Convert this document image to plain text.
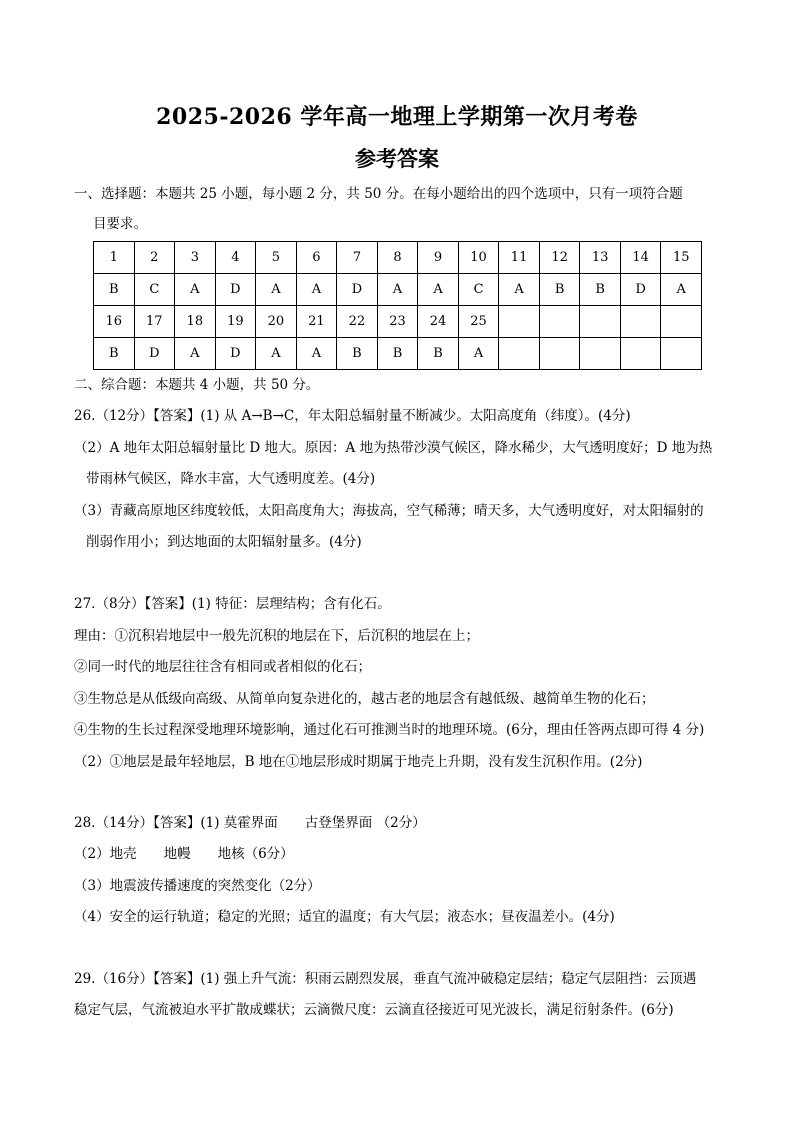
2025-2026 学年高一地理上学期第一次月考卷
参考答案
一、选择题：本题共 25 小题，每小题 2 分，共 50 分。在每小题给出的四个选项中，只有一项符合题
目要求。
1	2	3	4	5	6	7	8	9	10	11	12	13	14	15
B	C	A	D	A	A	D	A	A	C	A	B	B	D	A
16	17	18	19	20	21	22	23	24	25					
B	D	A	D	A	A	B	B	B	A					
二、综合题：本题共 4 小题，共 50 分。
26.（12分）【答案】(1) 从 A→B→C，年太阳总辐射量不断减少。太阳高度角（纬度）。(4分)
（2）A 地年太阳总辐射量比 D 地大。原因：A 地为热带沙漠气候区，降水稀少，大气透明度好；D 地为热
带雨林气候区，降水丰富，大气透明度差。(4分)
（3）青藏高原地区纬度较低，太阳高度角大；海拔高，空气稀薄；晴天多，大气透明度好，对太阳辐射的
削弱作用小；到达地面的太阳辐射量多。(4分)
27.（8分）【答案】(1) 特征：层理结构；含有化石。
理由：①沉积岩地层中一般先沉积的地层在下，后沉积的地层在上；
②同一时代的地层往往含有相同或者相似的化石；
③生物总是从低级向高级、从简单向复杂进化的，越古老的地层含有越低级、越简单生物的化石；
④生物的生长过程深受地理环境影响，通过化石可推测当时的地理环境。(6分，理由任答两点即可得 4 分)
（2）①地层是最年轻地层，B 地在①地层形成时期属于地壳上升期，没有发生沉积作用。(2分)
28.（14分）【答案】(1) 莫霍界面　　古登堡界面 （2分）
（2）地壳　　地幔　　地核（6分）
（3）地震波传播速度的突然变化（2分）
（4）安全的运行轨道；稳定的光照；适宜的温度；有大气层；液态水；昼夜温差小。(4分)
29.（16分）【答案】(1) 强上升气流：积雨云剧烈发展，垂直气流冲破稳定层结；稳定气层阻挡：云顶遇
稳定气层，气流被迫水平扩散成蝶状；云滴微尺度：云滴直径接近可见光波长，满足衍射条件。(6分)
